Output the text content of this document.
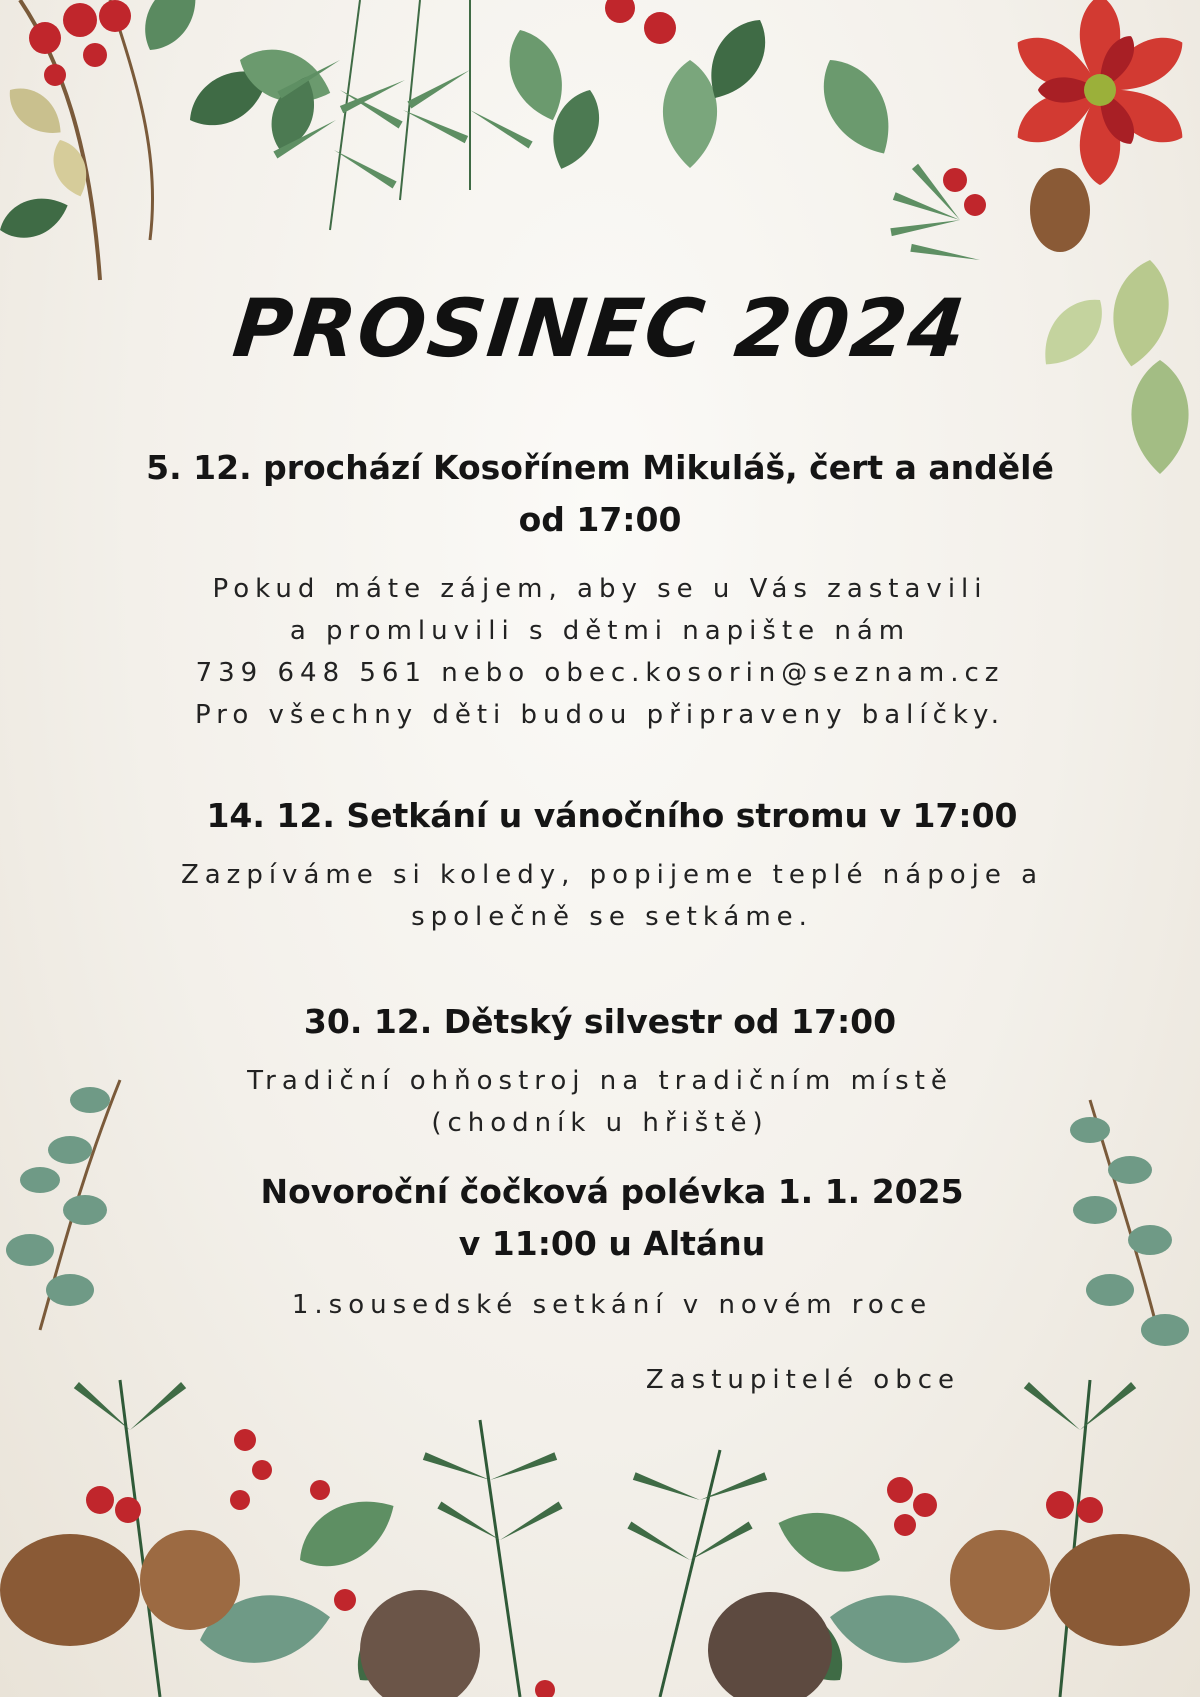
PROSINEC 2024
5. 12. prochází Kosořínem Mikuláš, čert a andělé
od 17:00
Pokud máte zájem, aby se u Vás zastavili
a promluvili s dětmi napište nám
739 648 561 nebo obec.kosorin@seznam.cz
Pro všechny děti budou připraveny balíčky.
14. 12. Setkání u vánočního stromu v 17:00
Zazpíváme si koledy, popijeme teplé nápoje a
společně se setkáme.
30. 12. Dětský silvestr od 17:00
Tradiční ohňostroj na tradičním místě
(chodník u hřiště)
Novoroční čočková polévka 1. 1. 2025
v 11:00 u Altánu
1.sousedské setkání v novém roce
Zastupitelé obce
